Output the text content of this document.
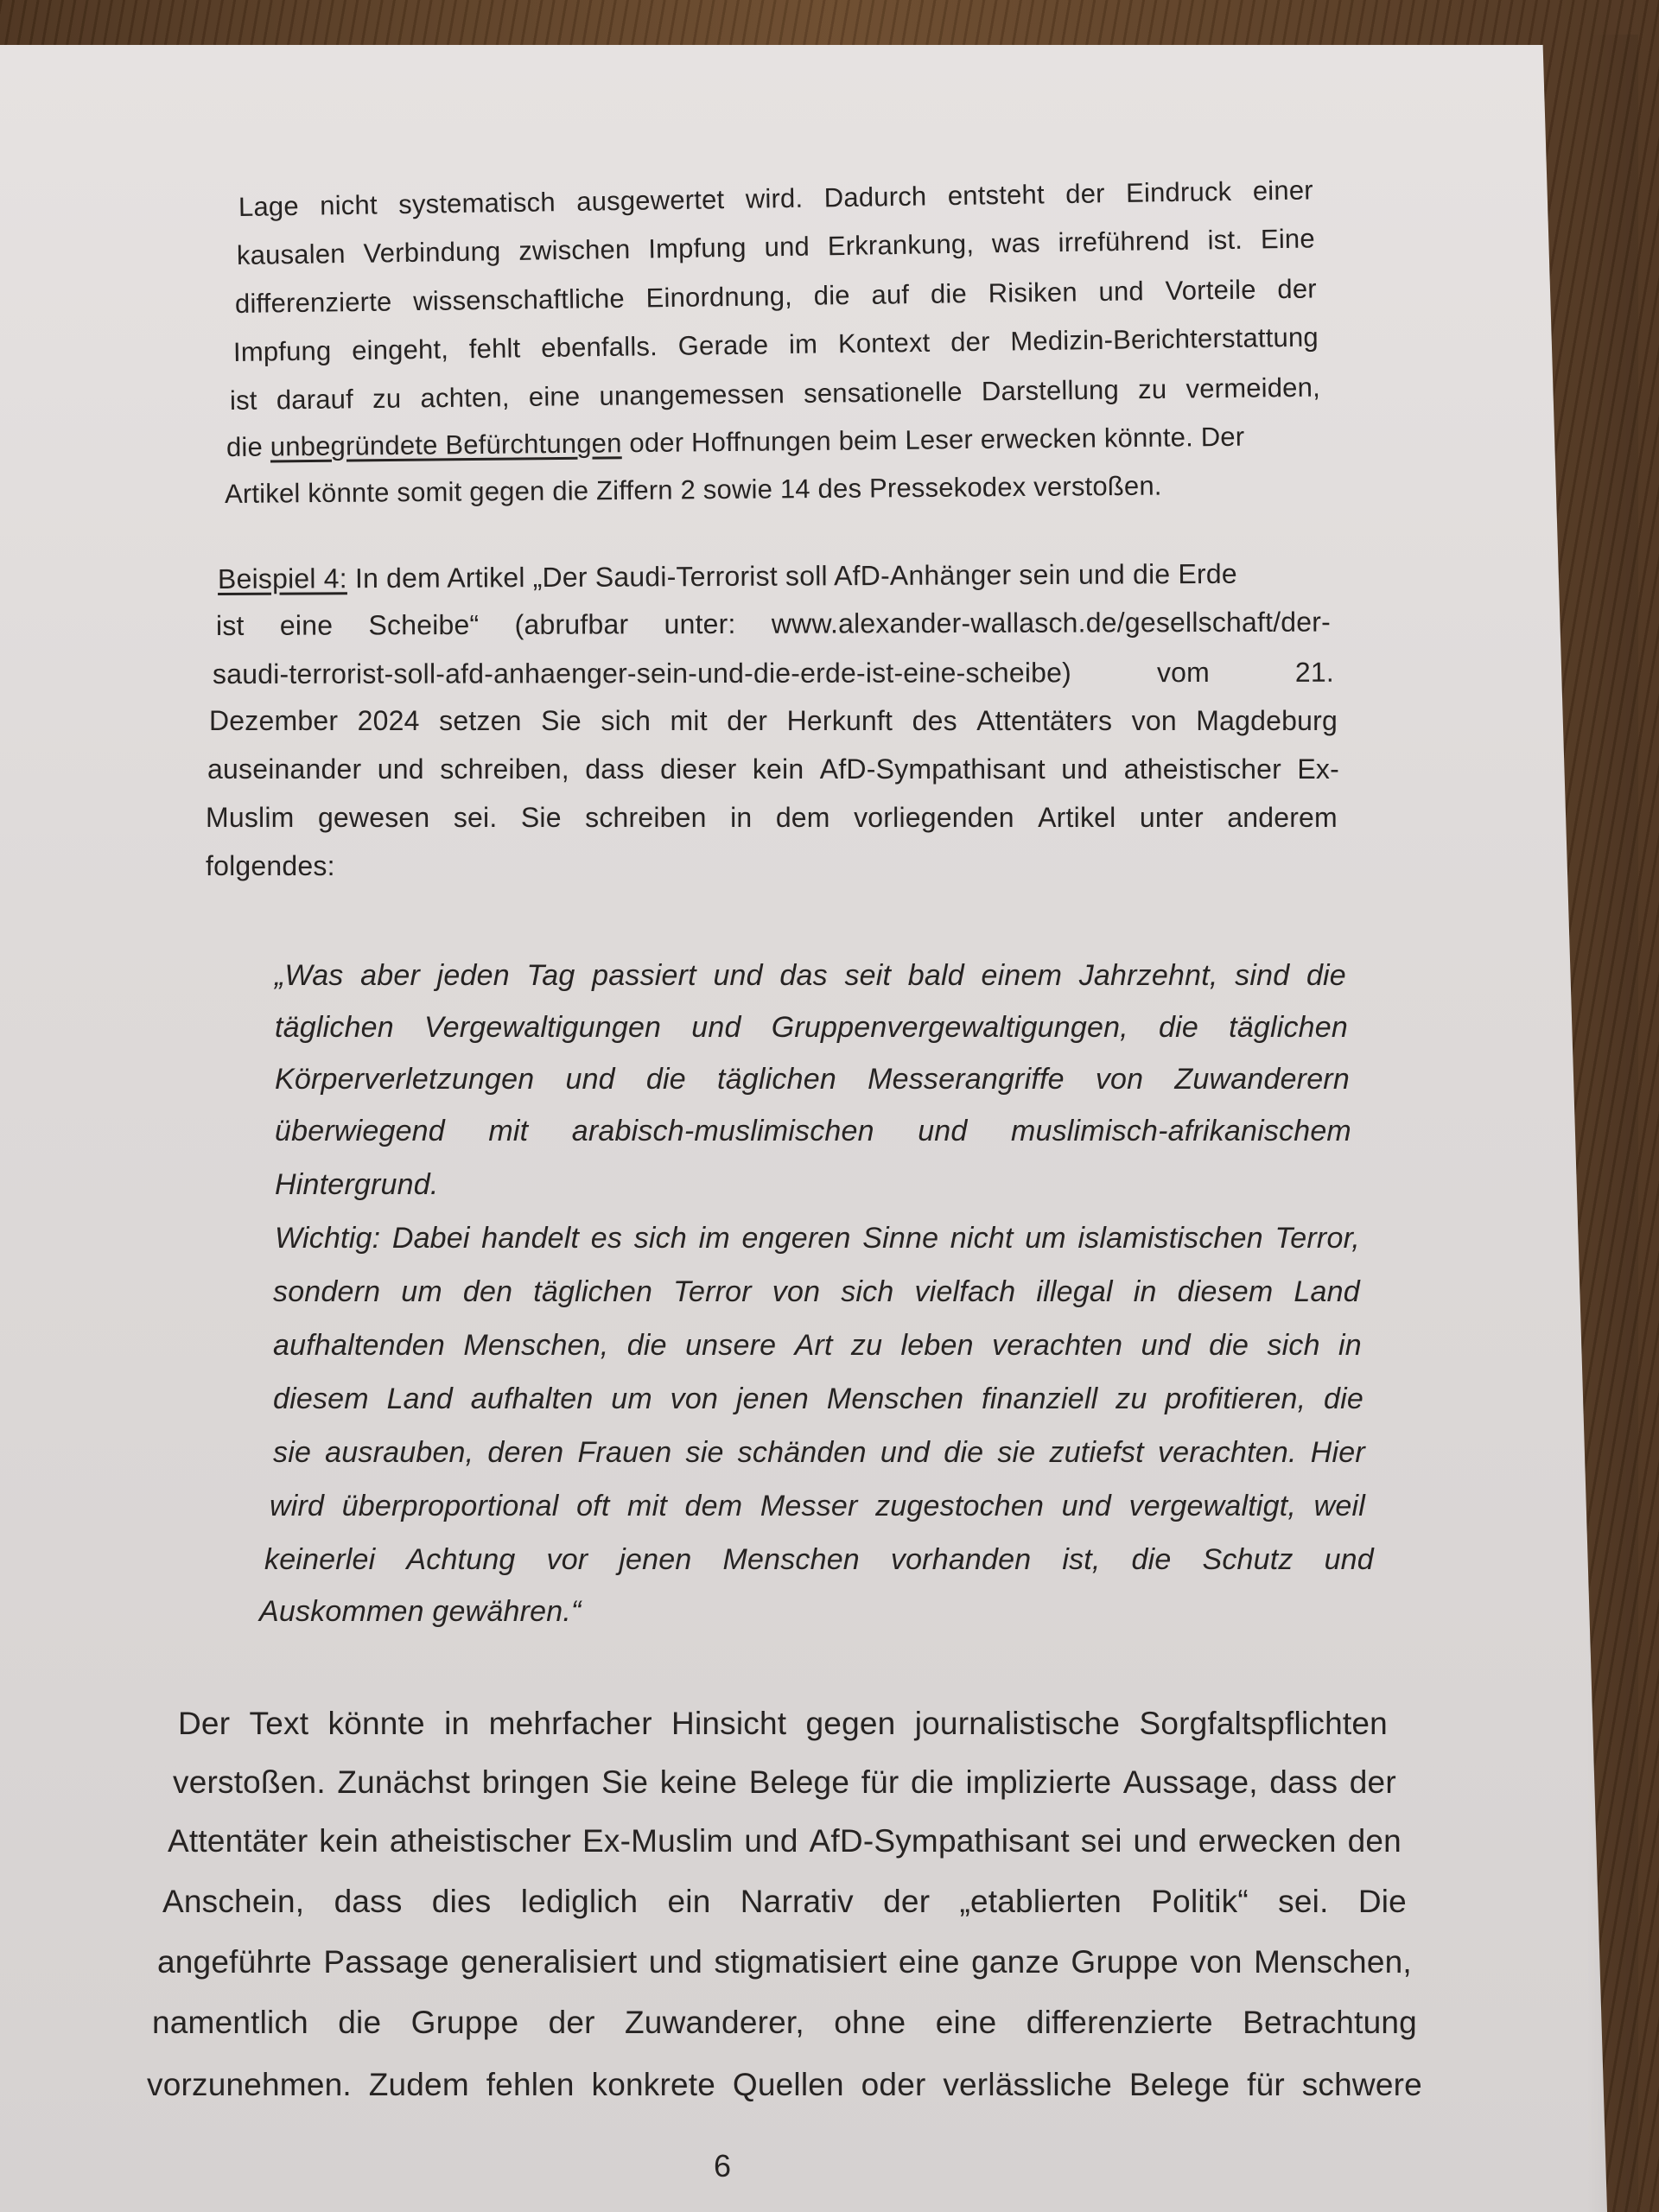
Lage nicht systematisch ausgewertet wird. Dadurch entsteht der Eindruck einer
kausalen Verbindung zwischen Impfung und Erkrankung, was irreführend ist. Eine
differenzierte wissenschaftliche Einordnung, die auf die Risiken und Vorteile der
Impfung eingeht, fehlt ebenfalls. Gerade im Kontext der Medizin-Berichterstattung
ist darauf zu achten, eine unangemessen sensationelle Darstellung zu vermeiden,
die
unbegründete Befürchtungen
oder Hoffnungen beim Leser erwecken könnte. Der
Artikel könnte somit gegen die Ziffern 2 sowie 14 des Pressekodex verstoßen.
Beispiel 4:
In dem Artikel „Der Saudi-Terrorist soll AfD-Anhänger sein und die Erde
ist eine Scheibe“ (abrufbar unter: www.alexander-wallasch.de/gesellschaft/der-
saudi-terrorist-soll-afd-anhaenger-sein-und-die-erde-ist-eine-scheibe)	vom	21.
Dezember 2024 setzen Sie sich mit der Herkunft des Attentäters von Magdeburg
auseinander und schreiben, dass dieser kein AfD-Sympathisant und atheistischer Ex-
Muslim gewesen sei. Sie schreiben in dem vorliegenden Artikel unter anderem
folgendes:
„Was aber jeden Tag passiert und das seit bald einem Jahrzehnt, sind die
täglichen Vergewaltigungen und Gruppenvergewaltigungen, die täglichen
Körperverletzungen und die täglichen Messerangriffe von Zuwanderern
überwiegend mit arabisch-muslimischen und muslimisch-afrikanischem
Hintergrund.
Wichtig: Dabei handelt es sich im engeren Sinne nicht um islamistischen Terror,
sondern um den täglichen Terror von sich vielfach illegal in diesem Land
aufhaltenden Menschen, die unsere Art zu leben verachten und die sich in
diesem Land aufhalten um von jenen Menschen finanziell zu profitieren, die
sie ausrauben, deren Frauen sie schänden und die sie zutiefst verachten. Hier
wird überproportional oft mit dem Messer zugestochen und vergewaltigt, weil
keinerlei Achtung vor jenen Menschen vorhanden ist, die Schutz und
Auskommen gewähren.“
Der Text könnte in mehrfacher Hinsicht gegen journalistische Sorgfaltspflichten
verstoßen. Zunächst bringen Sie keine Belege für die implizierte Aussage, dass der
Attentäter kein atheistischer Ex-Muslim und AfD-Sympathisant sei und erwecken den
Anschein, dass dies lediglich ein Narrativ der „etablierten Politik“ sei. Die
angeführte Passage generalisiert und stigmatisiert eine ganze Gruppe von Menschen,
namentlich die Gruppe der Zuwanderer, ohne eine differenzierte Betrachtung
vorzunehmen. Zudem fehlen konkrete Quellen oder verlässliche Belege für schwere
6
